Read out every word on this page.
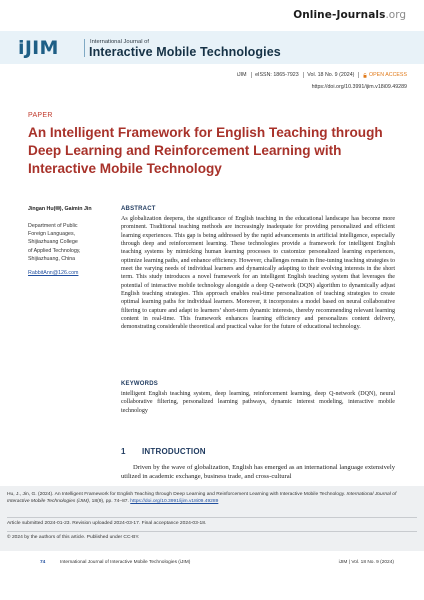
Online-Journals .org
iJIM	International Journal of
Interactive Mobile Technologies
iJIM eISSN: 1865-7923 Vol. 18 No. 9 (2024)	OPEN ACCESS
https://doi.org/10.3991/ijim.v18i09.49289
PAPER
An Intelligent Framework for English Teaching through Deep Learning and Reinforcement Learning with Interactive Mobile Technology
Jingan Hu(✉), Gaimin Jin
Department of Public
Foreign Languages,
Shijiazhuang College
of Applied Technology,
Shijiazhuang, China
RabbitAnn@126.com
ABSTRACT
As globalization deepens, the significance of English teaching in the educational landscape has become more prominent. Traditional teaching methods are increasingly inadequate for providing personalized and efficient learning experiences. This gap is being addressed by the rapid advancements in artificial intelligence, especially through deep and reinforcement learning. These technologies provide a framework for intelligent English teaching systems by mimicking human learning processes to customize personalized learning experiences, optimize learning paths, and enhance efficiency. However, challenges remain in fine-tuning teaching strategies to meet the varying needs of individual learners and dynamically adapting to their evolving interests in the short term. This study introduces a novel framework for an intelligent English teaching system that leverages the potential of interactive mobile technology alongside a deep Q-network (DQN) algorithm to dynamically adjust English teaching strategies. This approach enables real-time personalization of teaching strategies to create optimal learning paths for individual learners. Moreover, it incorporates a model based on neural collaborative filtering to capture and adapt to learners’ short-term dynamic interests, thereby recommending relevant learning content in real-time. This framework enhances learning efficiency and personalizes content delivery, demonstrating considerable theoretical and practical value for the future of educational technology.
KEYWORDS
intelligent English teaching system, deep learning, reinforcement learning, deep Q-network (DQN), neural collaborative filtering, personalized learning pathways, dynamic interest modeling, interactive mobile technology
1 INTRODUCTION
Driven by the wave of globalization, English has emerged as an international language extensively utilized in academic exchange, business trade, and cross-cultural
Hu, J., Jin, G. (2024). An Intelligent Framework for English Teaching through Deep Learning and Reinforcement Learning with Interactive Mobile Technology. International Journal of Interactive Mobile Technologies (iJIM), 18(9), pp. 74–87. https://doi.org/10.3991/ijim.v18i09.49289
Article submitted 2024-01-23. Revision uploaded 2024-03-17. Final acceptance 2024-03-18.
© 2024 by the authors of this article. Published under CC-BY.
74	International Journal of Interactive Mobile Technologies (iJIM)	iJIM | Vol. 18 No. 9 (2024)
